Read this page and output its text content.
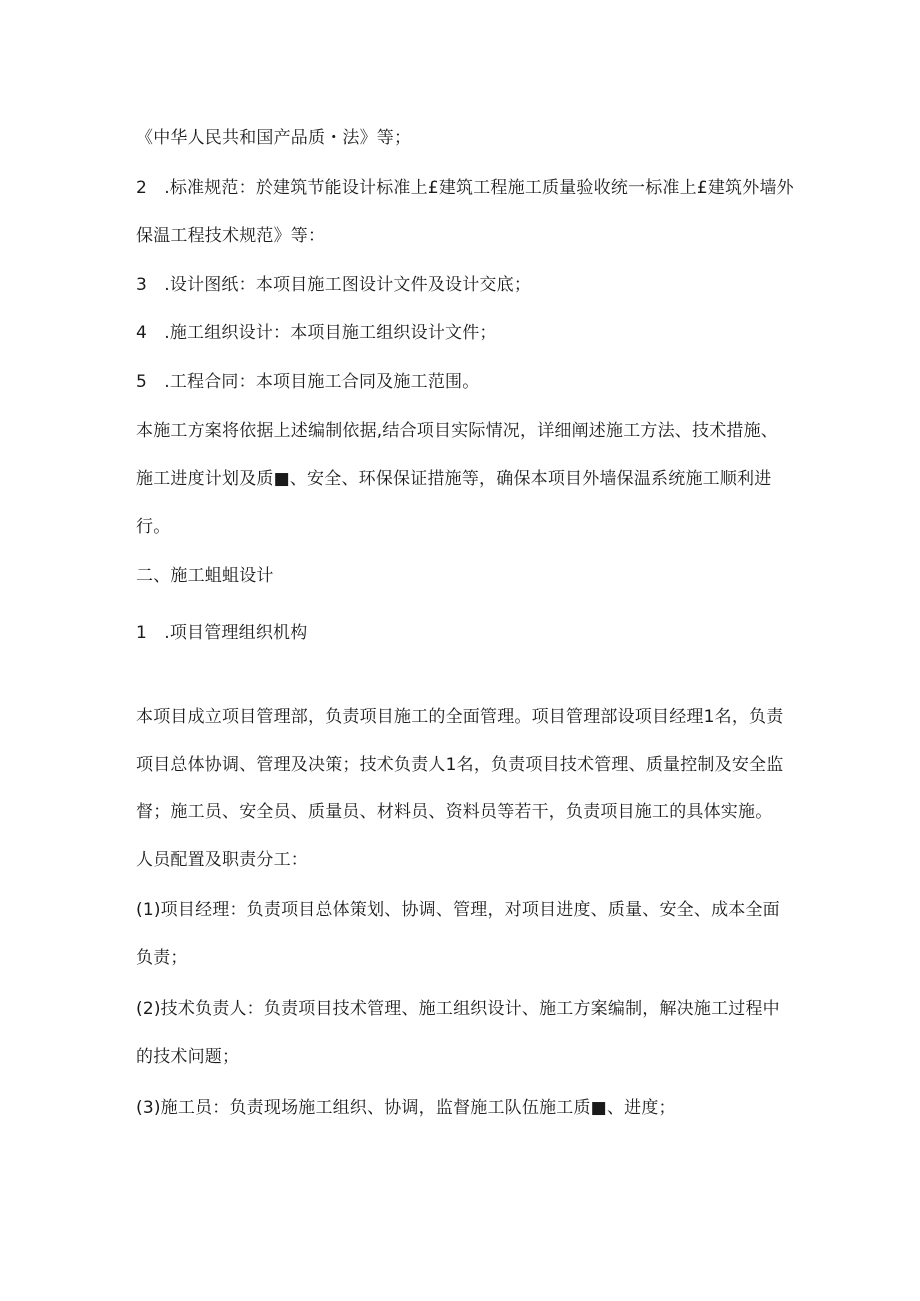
《中华人民共和国产品质・法》等；
2　.标准规范：於建筑节能设计标准上£建筑工程施工质量验收统一标准上£建筑外墙外
保温工程技术规范》等：
3　.设计图纸：本项目施工图设计文件及设计交底；
4　.施工组织设计：本项目施工组织设计文件；
5　.工程合同：本项目施工合同及施工范围。
本施工方案将依据上述编制依据,结合项目实际情况，详细阐述施工方法、技术措施、
施工进度计划及质■、安全、环保保证措施等，确保本项目外墙保温系统施工顺利进
行。
二、施工蛆蛆设计
1　.项目管理组织机构
本项目成立项目管理部，负责项目施工的全面管理。项目管理部设项目经理1名，负责
项目总体协调、管理及决策；技术负责人1名，负责项目技术管理、质量控制及安全监
督；施工员、安全员、质量员、材料员、资料员等若干，负责项目施工的具体实施。
人员配置及职责分工：
(1)项目经理：负责项目总体策划、协调、管理，对项目进度、质量、安全、成本全面
负责；
(2)技术负责人：负责项目技术管理、施工组织设计、施工方案编制，解决施工过程中
的技术问题；
(3)施工员：负责现场施工组织、协调，监督施工队伍施工质■、进度；
